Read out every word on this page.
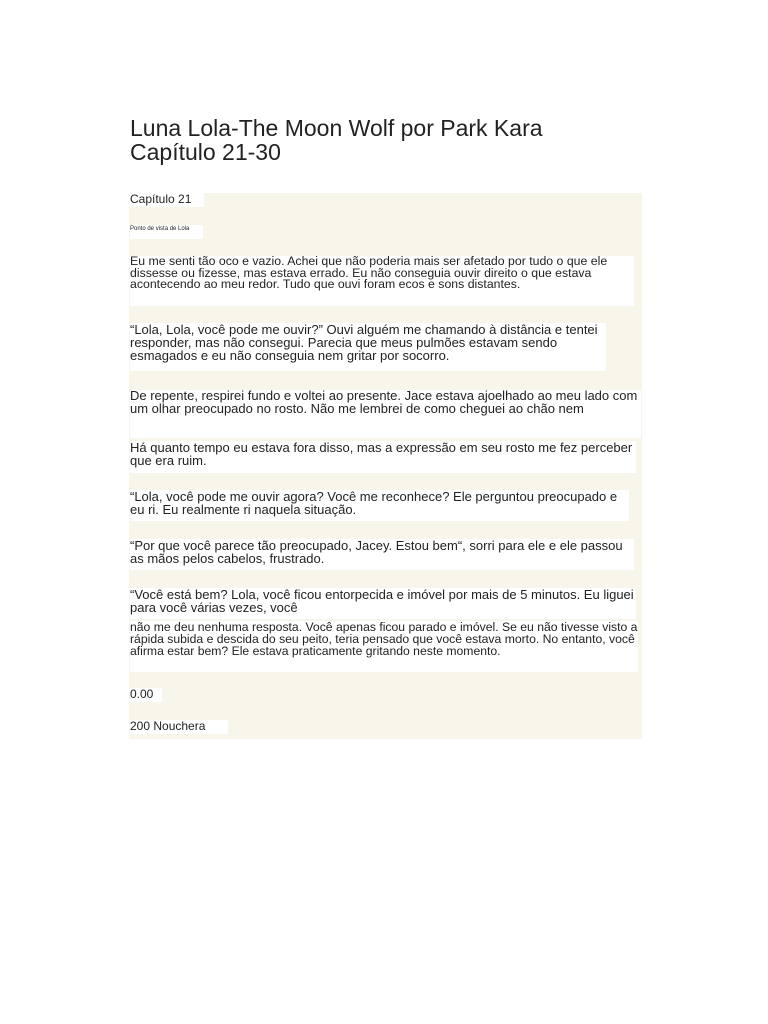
Luna Lola-The Moon Wolf por Park Kara
Capítulo 21-30

Capítulo 21

Ponto de vista de Lola

Eu me senti tão oco e vazio. Achei que não poderia mais ser afetado por tudo o que ele dissesse ou fizesse, mas estava errado. Eu não conseguia ouvir direito o que estava acontecendo ao meu redor. Tudo que ouvi foram ecos e sons distantes.

“Lola, Lola, você pode me ouvir?” Ouvi alguém me chamando à distância e tentei responder, mas não consegui. Parecia que meus pulmões estavam sendo esmagados e eu não conseguia nem gritar por socorro.

De repente, respirei fundo e voltei ao presente. Jace estava ajoelhado ao meu lado com um olhar preocupado no rosto. Não me lembrei de como cheguei ao chão nem

Há quanto tempo eu estava fora disso, mas a expressão em seu rosto me fez perceber que era ruim.

“Lola, você pode me ouvir agora? Você me reconhece? Ele perguntou preocupado e eu ri. Eu realmente ri naquela situação.

“Por que você parece tão preocupado, Jacey. Estou bem“, sorri para ele e ele passou as mãos pelos cabelos, frustrado.

“Você está bem? Lola, você ficou entorpecida e imóvel por mais de 5 minutos. Eu liguei para você várias vezes, você

não me deu nenhuma resposta. Você apenas ficou parado e imóvel. Se eu não tivesse visto a rápida subida e descida do seu peito, teria pensado que você estava morto. No entanto, você afirma estar bem? Ele estava praticamente gritando neste momento.

0.00

200 Nouchera
